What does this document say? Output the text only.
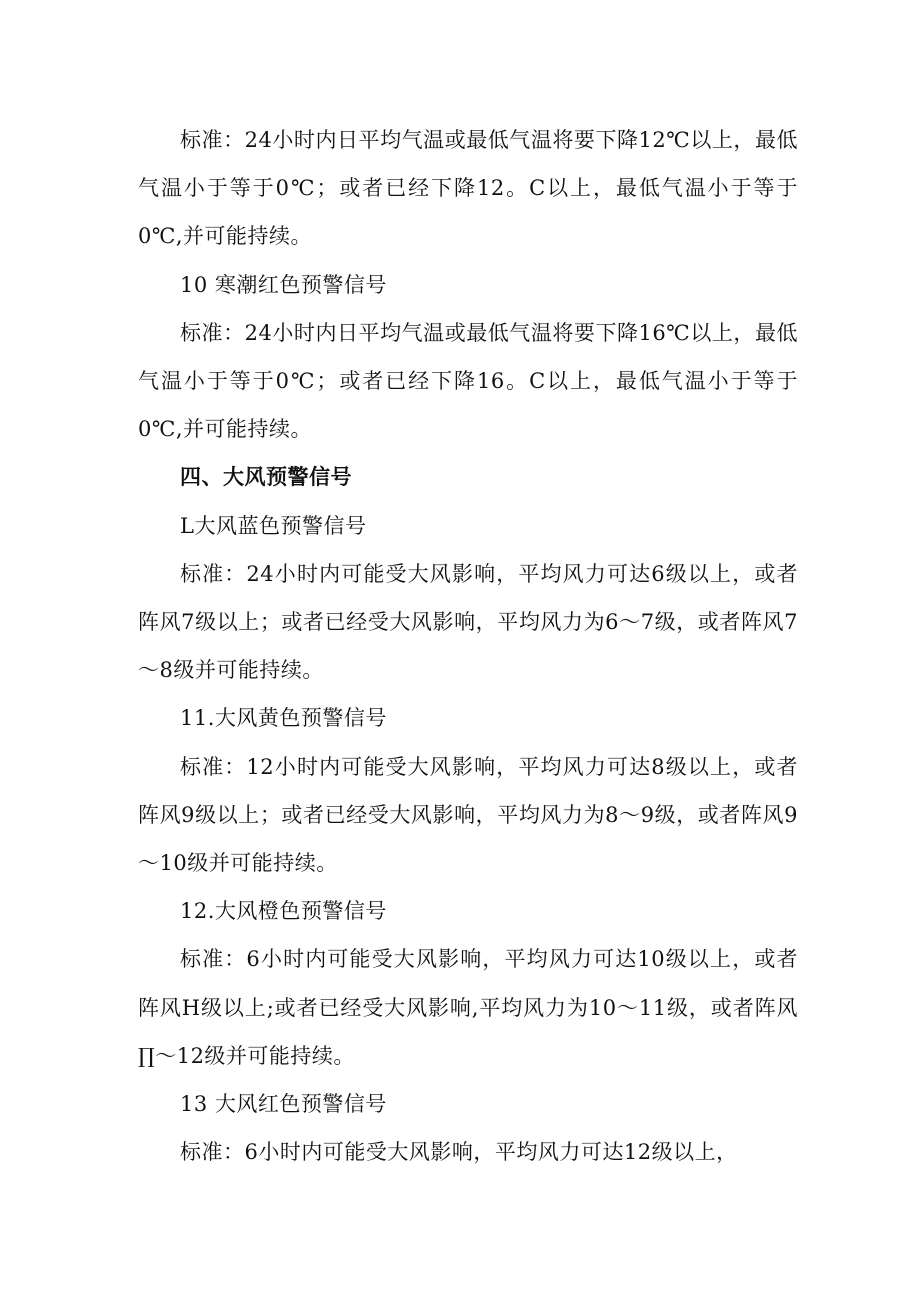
标准：24小时内日平均气温或最低气温将要下降12℃以上，最低气温小于等于0℃；或者已经下降12。C以上，最低气温小于等于0℃,并可能持续。

10 寒潮红色预警信号

标准：24小时内日平均气温或最低气温将要下降16℃以上，最低气温小于等于0℃；或者已经下降16。C以上，最低气温小于等于0℃,并可能持续。

四、大风预警信号

L大风蓝色预警信号

标准：24小时内可能受大风影响，平均风力可达6级以上，或者阵风7级以上；或者已经受大风影响，平均风力为6～7级，或者阵风7～8级并可能持续。

11.大风黄色预警信号

标准：12小时内可能受大风影响，平均风力可达8级以上，或者阵风9级以上；或者已经受大风影响，平均风力为8～9级，或者阵风9～10级并可能持续。

12.大风橙色预警信号

标准：6小时内可能受大风影响，平均风力可达10级以上，或者阵风H级以上;或者已经受大风影响,平均风力为10～11级，或者阵风∏～12级并可能持续。

13 大风红色预警信号

标准：6小时内可能受大风影响，平均风力可达12级以上，
